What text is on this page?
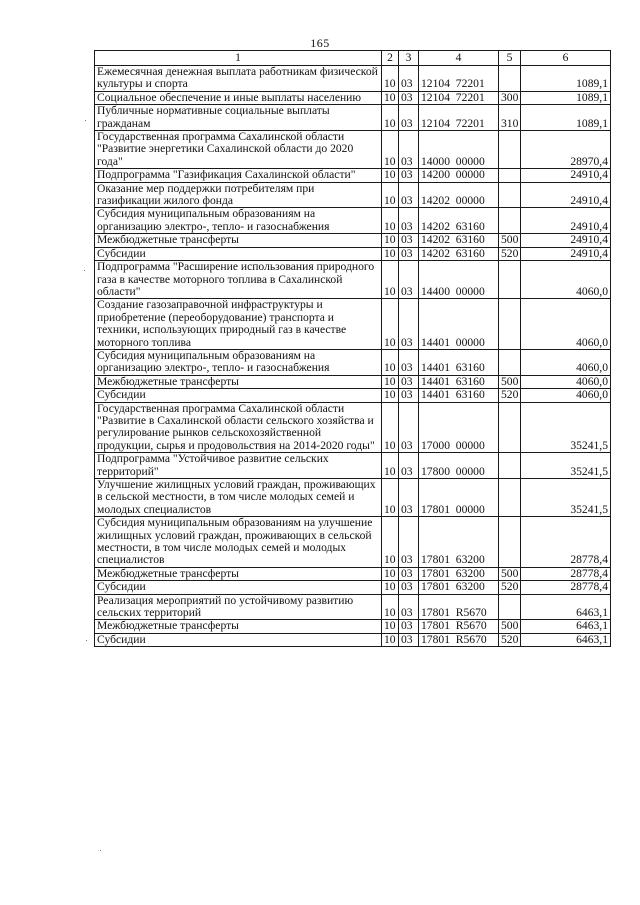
165
1	2	3	4	5	6
Ежемесячная денежная выплата работникам физической культуры и спорта	10	03	12104  72201		1089,1
Социальное обеспечение и иные выплаты населению	10	03	12104  72201	300	1089,1
Публичные нормативные социальные выплаты гражданам	10	03	12104  72201	310	1089,1
Государственная программа Сахалинской области "Развитие энергетики Сахалинской области до 2020 года"	10	03	14000  00000		28970,4
Подпрограмма "Газификация Сахалинской области"	10	03	14200  00000		24910,4
Оказание мер поддержки потребителям при газификации жилого фонда	10	03	14202  00000		24910,4
Субсидия муниципальным образованиям на организацию электро-, тепло- и газоснабжения	10	03	14202  63160		24910,4
Межбюджетные трансферты	10	03	14202  63160	500	24910,4
Субсидии	10	03	14202  63160	520	24910,4
Подпрограмма "Расширение использования природного газа в качестве моторного топлива в Сахалинской области"	10	03	14400  00000		4060,0
Создание газозаправочной инфраструктуры и приобретение (переоборудование) транспорта и техники, использующих природный газ в качестве моторного топлива	10	03	14401  00000		4060,0
Субсидия муниципальным образованиям на организацию электро-, тепло- и газоснабжения	10	03	14401  63160		4060,0
Межбюджетные трансферты	10	03	14401  63160	500	4060,0
Субсидии	10	03	14401  63160	520	4060,0
Государственная программа Сахалинской области "Развитие в Сахалинской области сельского хозяйства и регулирование рынков сельскохозяйственной продукции, сырья и продовольствия на 2014-2020 годы"	10	03	17000  00000		35241,5
Подпрограмма "Устойчивое развитие сельских территорий"	10	03	17800  00000		35241,5
Улучшение жилищных условий граждан, проживающих в сельской местности, в том числе молодых семей и молодых специалистов	10	03	17801  00000		35241,5
Субсидия муниципальным образованиям на улучшение жилищных условий граждан, проживающих в сельской местности, в том числе молодых семей и молодых специалистов	10	03	17801  63200		28778,4
Межбюджетные трансферты	10	03	17801  63200	500	28778,4
Субсидии	10	03	17801  63200	520	28778,4
Реализация мероприятий по устойчивому развитию сельских территорий	10	03	17801  R5670		6463,1
Межбюджетные трансферты	10	03	17801  R5670	500	6463,1
Субсидии	10	03	17801  R5670	520	6463,1
